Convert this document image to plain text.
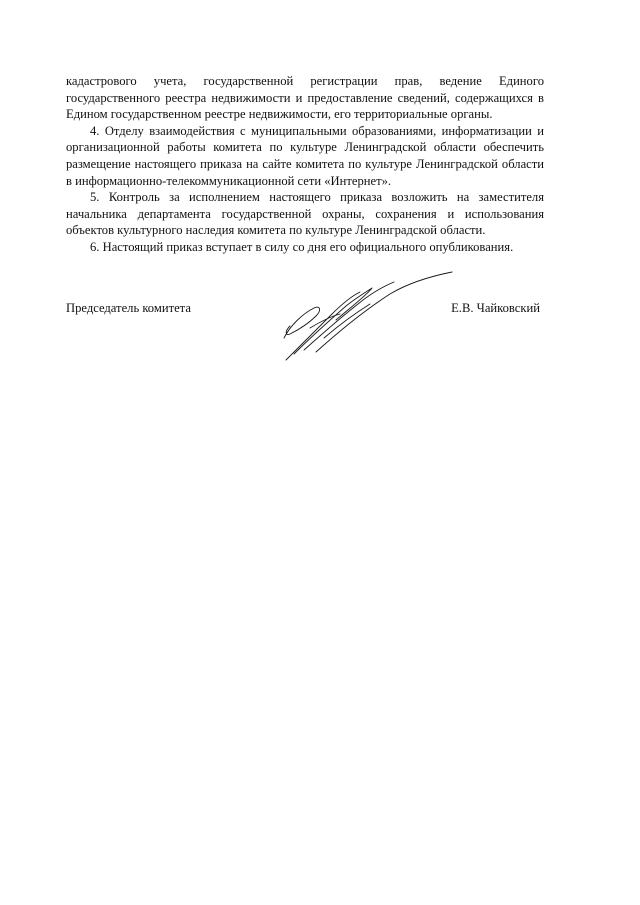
кадастрового учета, государственной регистрации прав, ведение Единого государственного реестра недвижимости и предоставление сведений, содержащихся в Едином государственном реестре недвижимости, его территориальные органы.

4. Отделу взаимодействия с муниципальными образованиями, информатизации и организационной работы комитета по культуре Ленинградской области обеспечить размещение настоящего приказа на сайте комитета по культуре Ленинградской области в информационно-телекоммуникационной сети «Интернет».

5. Контроль за исполнением настоящего приказа возложить на заместителя начальника департамента государственной охраны, сохранения и использования объектов культурного наследия комитета по культуре Ленинградской области.

6. Настоящий приказ вступает в силу со дня его официального опубликования.

Председатель комитета	Е.В. Чайковский
